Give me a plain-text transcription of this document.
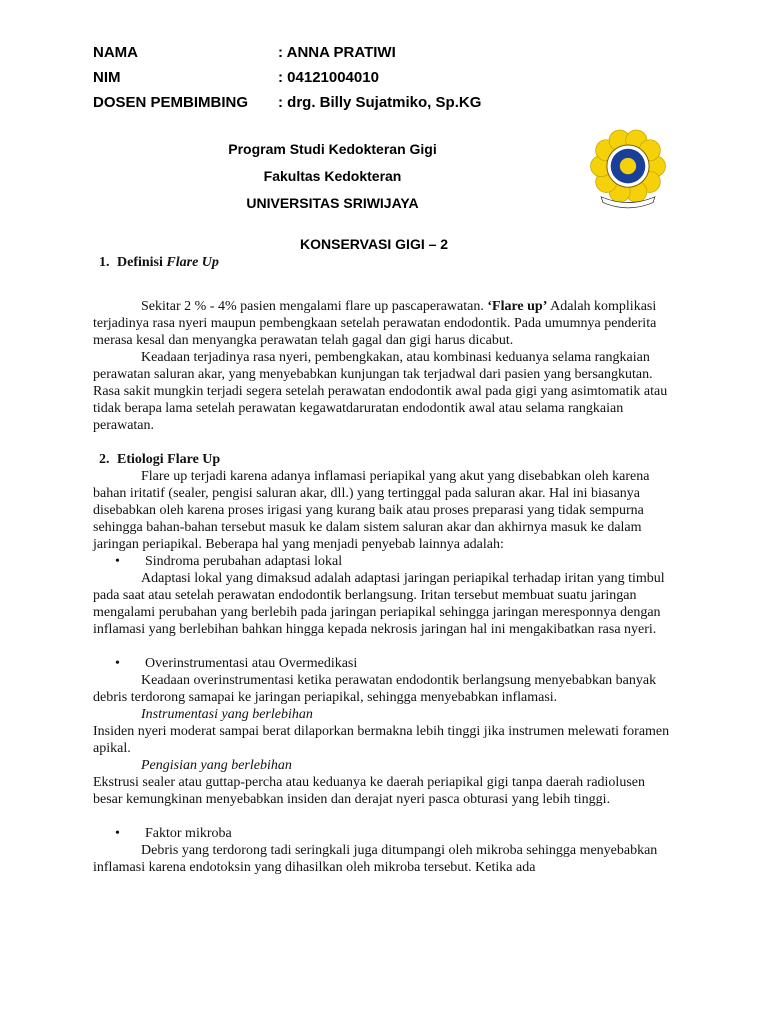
NAMA	: ANNA PRATIWI
NIM	: 04121004010
DOSEN PEMBIMBING : drg. Billy Sujatmiko, Sp.KG
Program Studi Kedokteran Gigi
Fakultas Kedokteran
UNIVERSITAS SRIWIJAYA
KONSERVASI GIGI – 2

1. Definisi Flare Up

Sekitar 2 % - 4% pasien mengalami flare up pascaperawatan. ‘Flare up’ Adalah komplikasi terjadinya rasa nyeri maupun pembengkaan setelah perawatan endodontik. Pada umumnya penderita merasa kesal dan menyangka perawatan telah gagal dan gigi harus dicabut.

Keadaan terjadinya rasa nyeri, pembengkakan, atau kombinasi keduanya selama rangkaian perawatan saluran akar, yang menyebabkan kunjungan tak terjadwal dari pasien yang bersangkutan. Rasa sakit mungkin terjadi segera setelah perawatan endodontik awal pada gigi yang asimtomatik atau tidak berapa lama setelah perawatan kegawatdaruratan endodontik awal atau selama rangkaian perawatan.

2. Etiologi Flare Up

Flare up terjadi karena adanya inflamasi periapikal yang akut yang disebabkan oleh karena bahan iritatif (sealer, pengisi saluran akar, dll.) yang tertinggal pada saluran akar. Hal ini biasanya disebabkan oleh karena proses irigasi yang kurang baik atau proses preparasi yang tidak sempurna sehingga bahan-bahan tersebut masuk ke dalam sistem saluran akar dan akhirnya masuk ke dalam jaringan periapikal. Beberapa hal yang menjadi penyebab lainnya adalah:

•	Sindroma perubahan adaptasi lokal

Adaptasi lokal yang dimaksud adalah adaptasi jaringan periapikal terhadap iritan yang timbul pada saat atau setelah perawatan endodontik berlangsung. Iritan tersebut membuat suatu jaringan mengalami perubahan yang berlebih pada jaringan periapikal sehingga jaringan meresponnya dengan inflamasi yang berlebihan bahkan hingga kepada nekrosis jaringan hal ini mengakibatkan rasa nyeri.

•	Overinstrumentasi atau Overmedikasi

Keadaan overinstrumentasi ketika perawatan endodontik berlangsung menyebabkan banyak debris terdorong samapai ke jaringan periapikal, sehingga menyebabkan inflamasi.

Instrumentasi yang berlebihan

Insiden nyeri moderat sampai berat dilaporkan bermakna lebih tinggi jika instrumen melewati foramen apikal.

Pengisian yang berlebihan

Ekstrusi sealer atau guttap-percha atau keduanya ke daerah periapikal gigi tanpa daerah radiolusen besar kemungkinan menyebabkan insiden dan derajat nyeri pasca obturasi yang lebih tinggi.

•	Faktor mikroba

Debris yang terdorong tadi seringkali juga ditumpangi oleh mikroba sehingga menyebabkan inflamasi karena endotoksin yang dihasilkan oleh mikroba tersebut. Ketika ada
